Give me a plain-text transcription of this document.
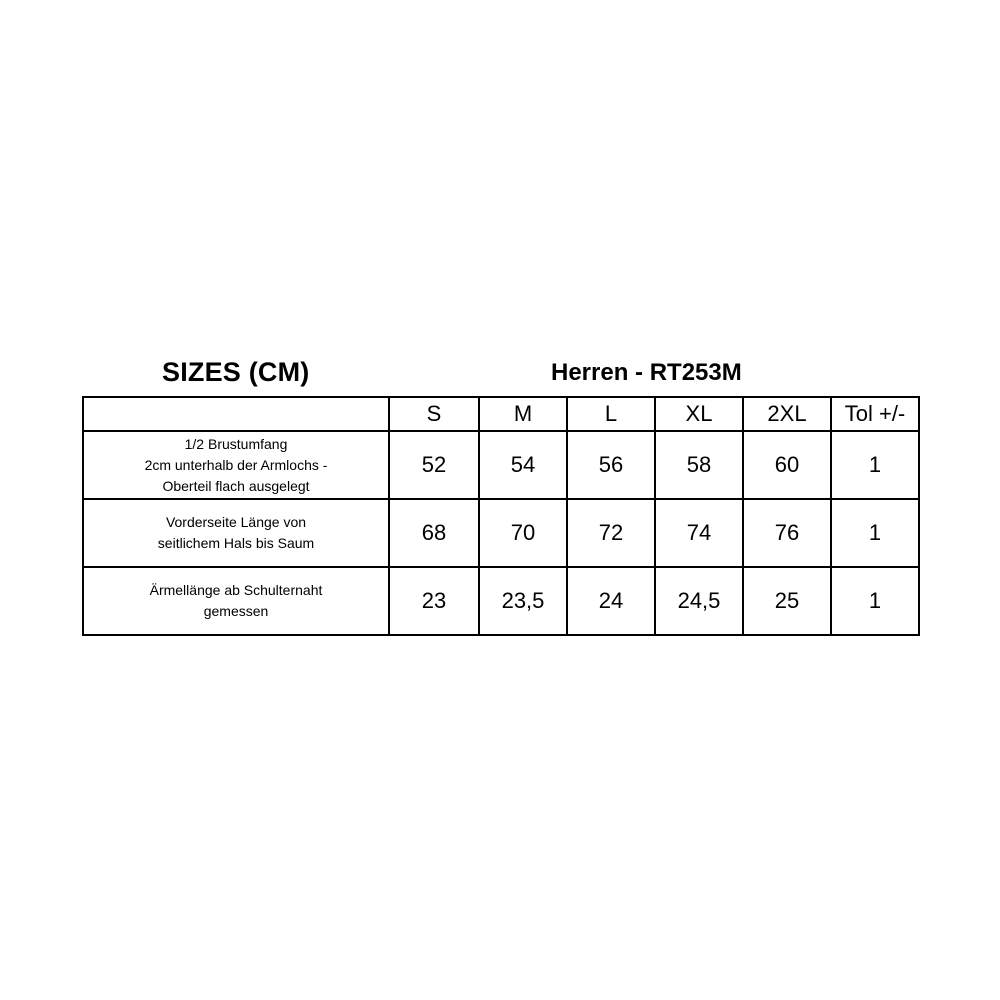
SIZES (CM)	Herren - RT253M
	S	M	L	XL	2XL	Tol +/-

1/2 Brustumfang
2cm unterhalb der Armlochs -
Oberteil flach ausgelegt	52	54	56	58	60	1

Vorderseite Länge von
seitlichem Hals bis Saum	68	70	72	74	76	1

Ärmellänge ab Schulternaht
gemessen	23	23,5	24	24,5	25	1
